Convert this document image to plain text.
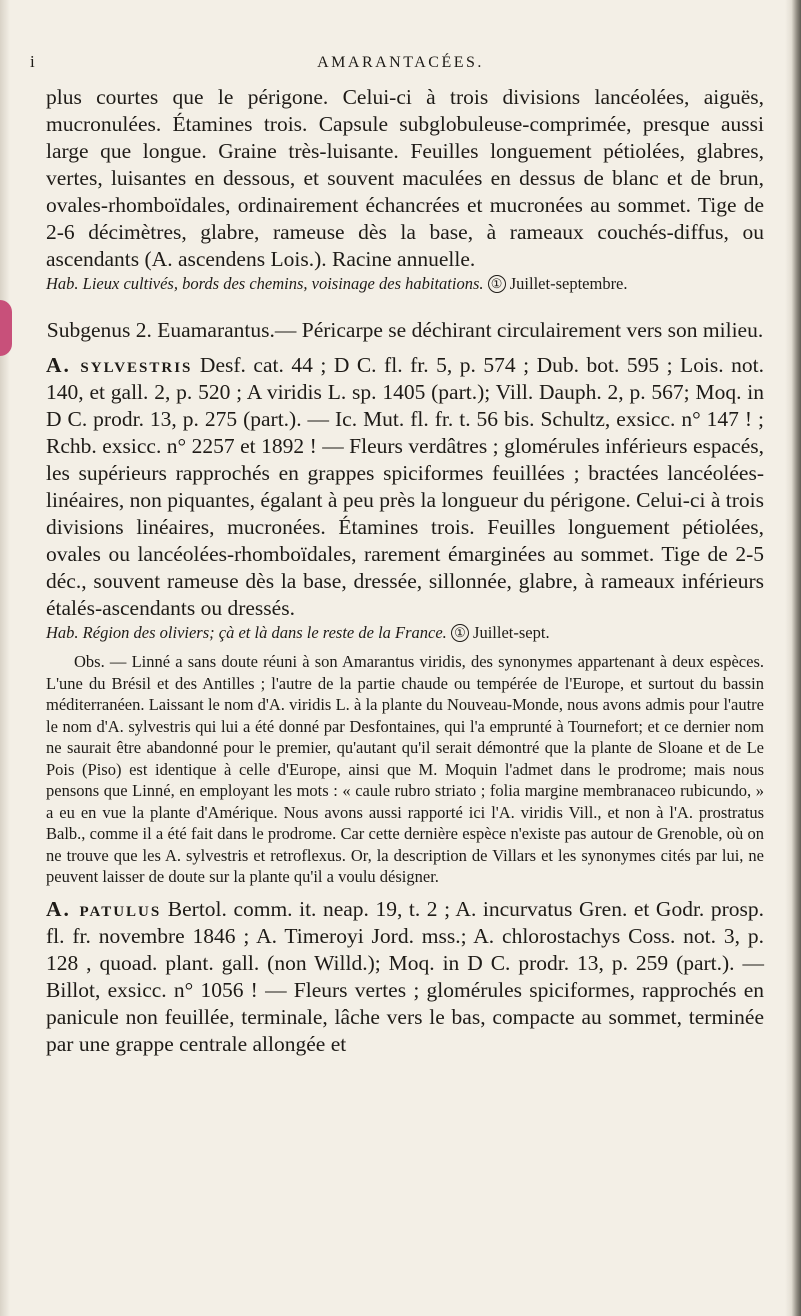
i	AMARANTACÉES.

plus courtes que le périgone. Celui-ci à trois divisions lancéolées, aiguës, mucronulées. Étamines trois. Capsule subglobuleuse-comprimée, presque aussi large que longue. Graine très-luisante. Feuilles longuement pétiolées, glabres, vertes, luisantes en dessous, et souvent maculées en dessus de blanc et de brun, ovales-rhomboïdales, ordinairement échancrées et mucronées au sommet. Tige de 2-6 décimètres, glabre, rameuse dès la base, à rameaux couchés-diffus, ou ascendants (A. ascendens Lois.). Racine annuelle.

Hab. Lieux cultivés, bords des chemins, voisinage des habitations. ① Juillet-septembre.

Subgenus 2. Euamarantus.— Péricarpe se déchirant circulairement vers son milieu.

A. sylvestris Desf. cat. 44 ; D C. fl. fr. 5, p. 574 ; Dub. bot. 595 ; Lois. not. 140, et gall. 2, p. 520 ; A viridis L. sp. 1405 (part.); Vill. Dauph. 2, p. 567; Moq. in D C. prodr. 13, p. 275 (part.). — Ic. Mut. fl. fr. t. 56 bis. Schultz, exsicc. n° 147 ! ; Rchb. exsicc. n° 2257 et 1892 ! — Fleurs verdâtres ; glomérules inférieurs espacés, les supérieurs rapprochés en grappes spiciformes feuillées ; bractées lancéolées-linéaires, non piquantes, égalant à peu près la longueur du périgone. Celui-ci à trois divisions linéaires, mucronées. Étamines trois. Feuilles longuement pétiolées, ovales ou lancéolées-rhomboïdales, rarement émarginées au sommet. Tige de 2-5 déc., souvent rameuse dès la base, dressée, sillonnée, glabre, à rameaux inférieurs étalés-ascendants ou dressés.

Hab. Région des oliviers; çà et là dans le reste de la France. ① Juillet-sept.

Obs. — Linné a sans doute réuni à son Amarantus viridis, des synonymes appartenant à deux espèces. L'une du Brésil et des Antilles ; l'autre de la partie chaude ou tempérée de l'Europe, et surtout du bassin méditerranéen. Laissant le nom d'A. viridis L. à la plante du Nouveau-Monde, nous avons admis pour l'autre le nom d'A. sylvestris qui lui a été donné par Desfontaines, qui l'a emprunté à Tournefort; et ce dernier nom ne saurait être abandonné pour le premier, qu'autant qu'il serait démontré que la plante de Sloane et de Le Pois (Piso) est identique à celle d'Europe, ainsi que M. Moquin l'admet dans le prodrome; mais nous pensons que Linné, en employant les mots : « caule rubro striato ; folia margine membranaceo rubicundo, » a eu en vue la plante d'Amérique. Nous avons aussi rapporté ici l'A. viridis Vill., et non à l'A. prostratus Balb., comme il a été fait dans le prodrome. Car cette dernière espèce n'existe pas autour de Grenoble, où on ne trouve que les A. sylvestris et retroflexus. Or, la description de Villars et les synonymes cités par lui, ne peuvent laisser de doute sur la plante qu'il a voulu désigner.

A. patulus Bertol. comm. it. neap. 19, t. 2 ; A. incurvatus Gren. et Godr. prosp. fl. fr. novembre 1846 ; A. Timeroyi Jord. mss.; A. chlorostachys Coss. not. 3, p. 128 , quoad. plant. gall. (non Willd.); Moq. in D C. prodr. 13, p. 259 (part.). — Billot, exsicc. n° 1056 ! — Fleurs vertes ; glomérules spiciformes, rapprochés en panicule non feuillée, terminale, lâche vers le bas, compacte au sommet, terminée par une grappe centrale allongée et
